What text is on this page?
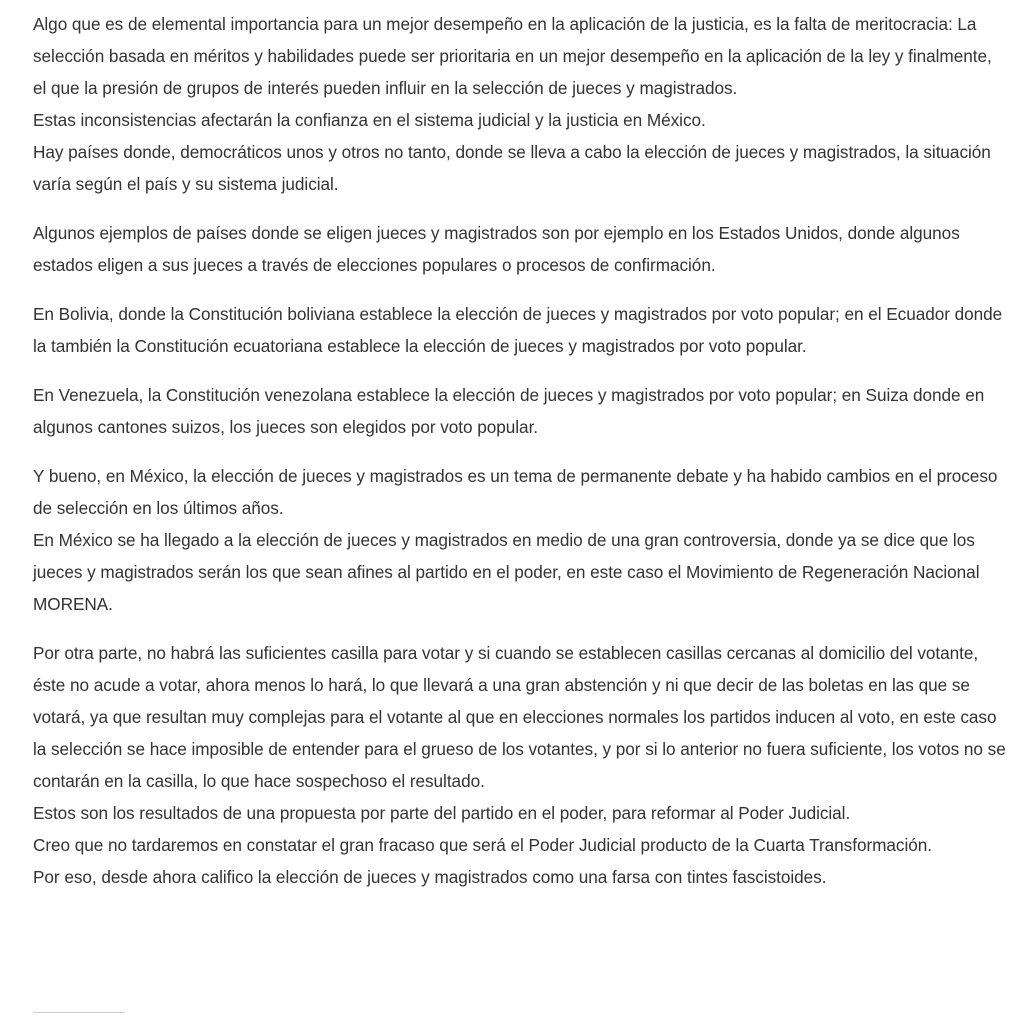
Algo que es de elemental importancia para un mejor desempeño en la aplicación de la justicia, es la falta de meritocracia: La selección basada en méritos y habilidades puede ser prioritaria en un mejor desempeño en la aplicación de la ley y finalmente, el que la presión de grupos de interés pueden influir en la selección de jueces y magistrados.
Estas inconsistencias afectarán la confianza en el sistema judicial y la justicia en México.
Hay países donde, democráticos unos y otros no tanto, donde se lleva a cabo la elección de jueces y magistrados, la situación varía según el país y su sistema judicial.

Algunos ejemplos de países donde se eligen jueces y magistrados son por ejemplo en los Estados Unidos, donde algunos estados eligen a sus jueces a través de elecciones populares o procesos de confirmación.

En Bolivia, donde la Constitución boliviana establece la elección de jueces y magistrados por voto popular; en el Ecuador donde la también la Constitución ecuatoriana establece la elección de jueces y magistrados por voto popular.

En Venezuela, la Constitución venezolana establece la elección de jueces y magistrados por voto popular; en Suiza donde en algunos cantones suizos, los jueces son elegidos por voto popular.

Y bueno, en México, la elección de jueces y magistrados es un tema de permanente debate y ha habido cambios en el proceso de selección en los últimos años.
En México se ha llegado a la elección de jueces y magistrados en medio de una gran controversia, donde ya se dice que los jueces y magistrados serán los que sean afines al partido en el poder, en este caso el Movimiento de Regeneración Nacional MORENA.

Por otra parte, no habrá las suficientes casilla para votar y si cuando se establecen casillas cercanas al domicilio del votante, éste no acude a votar, ahora menos lo hará, lo que llevará a una gran abstención y ni que decir de las boletas en las que se votará, ya que resultan muy complejas para el votante al que en elecciones normales los partidos inducen al voto, en este caso la selección se hace imposible de entender para el grueso de los votantes, y por si lo anterior no fuera suficiente, los votos no se contarán en la casilla, lo que hace sospechoso el resultado.
Estos son los resultados de una propuesta por parte del partido en el poder, para reformar al Poder Judicial.
Creo que no tardaremos en constatar el gran fracaso que será el Poder Judicial producto de la Cuarta Transformación.
Por eso, desde ahora califico la elección de jueces y magistrados como una farsa con tintes fascistoides.
